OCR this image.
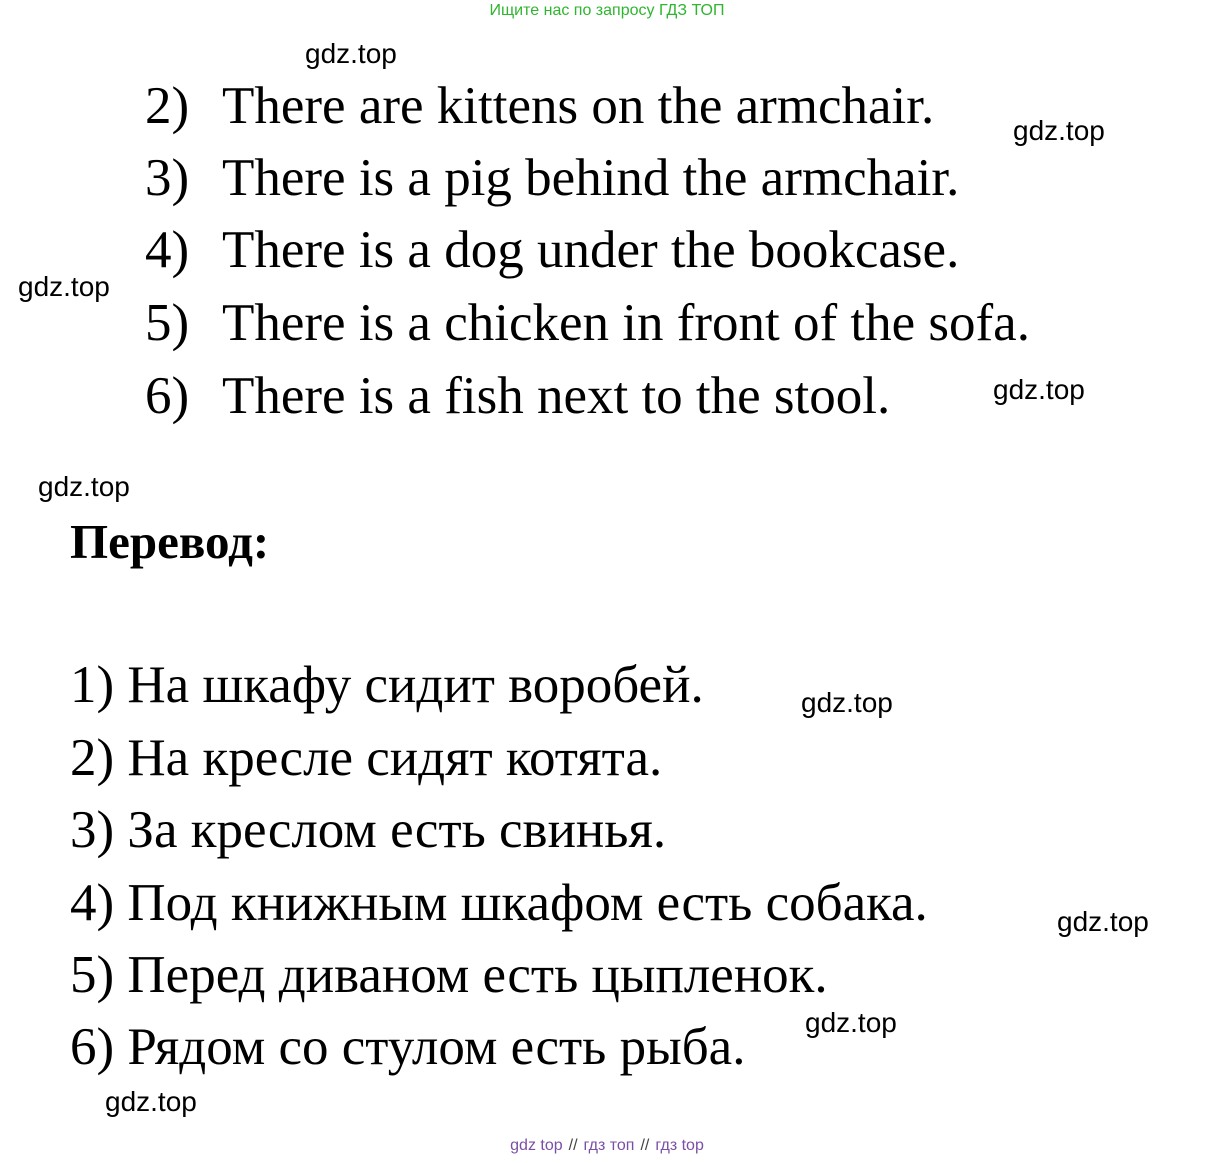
Ищите нас по запросу ГДЗ ТОП
gdz.top
gdz.top
gdz.top
gdz.top
gdz.top
gdz.top
gdz.top
gdz.top
gdz.top
2) There are kittens on the armchair.
3) There is a pig behind the armchair.
4) There is a dog under the bookcase.
5) There is a chicken in front of the sofa.
6) There is a fish next to the stool.
Перевод:
1) На шкафу сидит воробей.
2) На кресле сидят котята.
3) За креслом есть свинья.
4) Под книжным шкафом есть собака.
5) Перед диваном есть цыпленок.
6) Рядом со стулом есть рыба.
gdz top // гдз топ // гдз top
